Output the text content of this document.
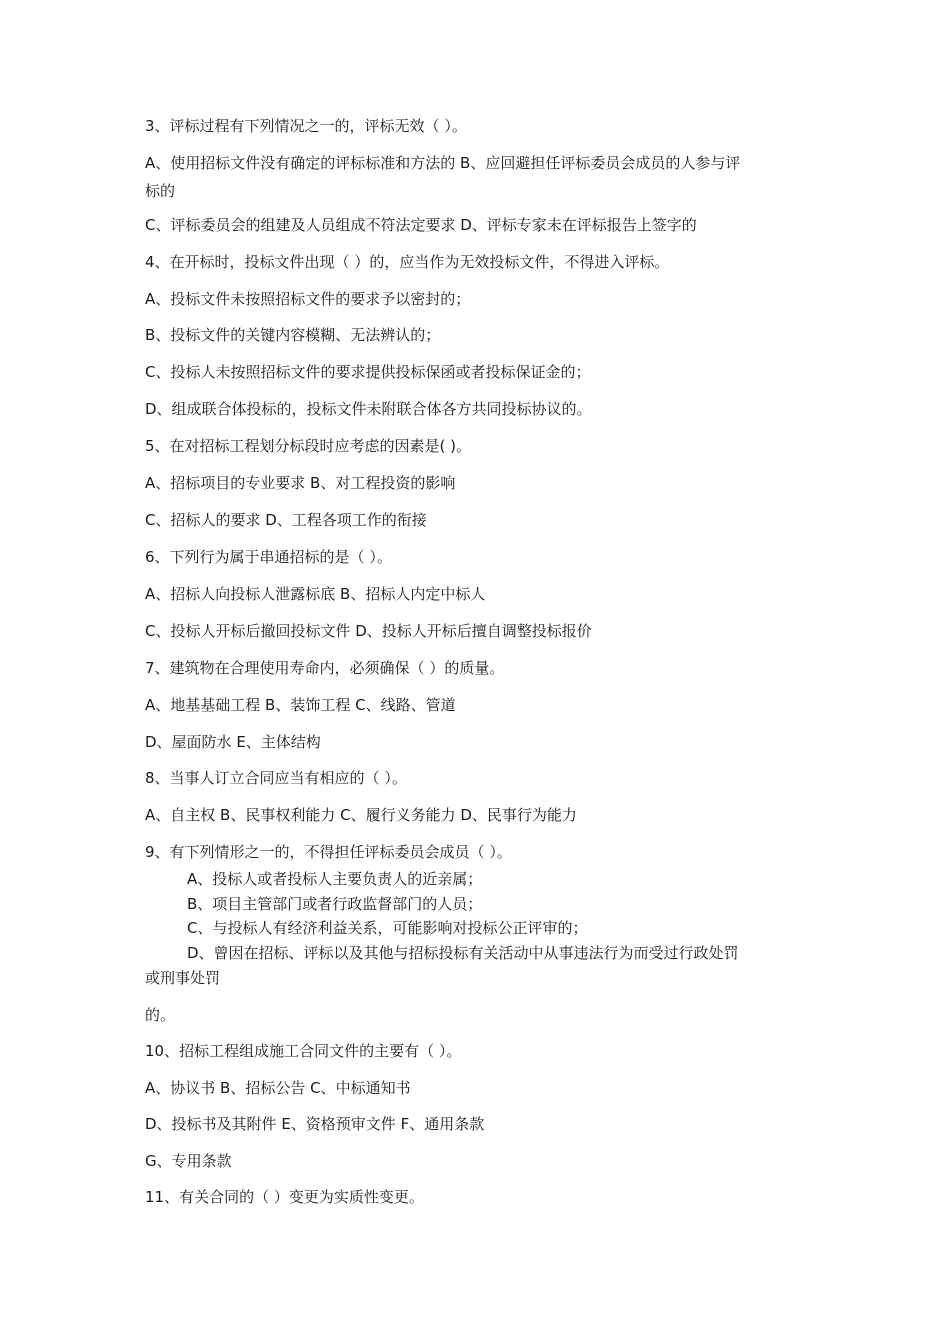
3、评标过程有下列情况之一的，评标无效（ ）。
A、使用招标文件没有确定的评标标准和方法的 B、应回避担任评标委员会成员的人参与评
标的
C、评标委员会的组建及人员组成不符法定要求 D、评标专家未在评标报告上签字的
4、在开标时，投标文件出现（ ）的，应当作为无效投标文件，不得进入评标。
A、投标文件未按照招标文件的要求予以密封的；
B、投标文件的关键内容模糊、无法辨认的；
C、投标人未按照招标文件的要求提供投标保函或者投标保证金的；
D、组成联合体投标的，投标文件未附联合体各方共同投标协议的。
5、在对招标工程划分标段时应考虑的因素是( )。
A、招标项目的专业要求 B、对工程投资的影响
C、招标人的要求 D、工程各项工作的衔接
6、下列行为属于串通招标的是（ ）。
A、招标人向投标人泄露标底 B、招标人内定中标人
C、投标人开标后撤回投标文件 D、投标人开标后擅自调整投标报价
7、建筑物在合理使用寿命内，必须确保（ ）的质量。
A、地基基础工程 B、装饰工程 C、线路、管道
D、屋面防水 E、主体结构
8、当事人订立合同应当有相应的（ ）。
A、自主权 B、民事权利能力 C、履行义务能力 D、民事行为能力
9、有下列情形之一的，不得担任评标委员会成员（ ）。
A、投标人或者投标人主要负责人的近亲属；
B、项目主管部门或者行政监督部门的人员；
C、与投标人有经济利益关系，可能影响对投标公正评审的；
D、曾因在招标、评标以及其他与招标投标有关活动中从事违法行为而受过行政处罚
或刑事处罚
的。
10、招标工程组成施工合同文件的主要有（ ）。
A、协议书 B、招标公告 C、中标通知书
D、投标书及其附件 E、资格预审文件 F、通用条款
G、专用条款
11、有关合同的（ ）变更为实质性变更。
